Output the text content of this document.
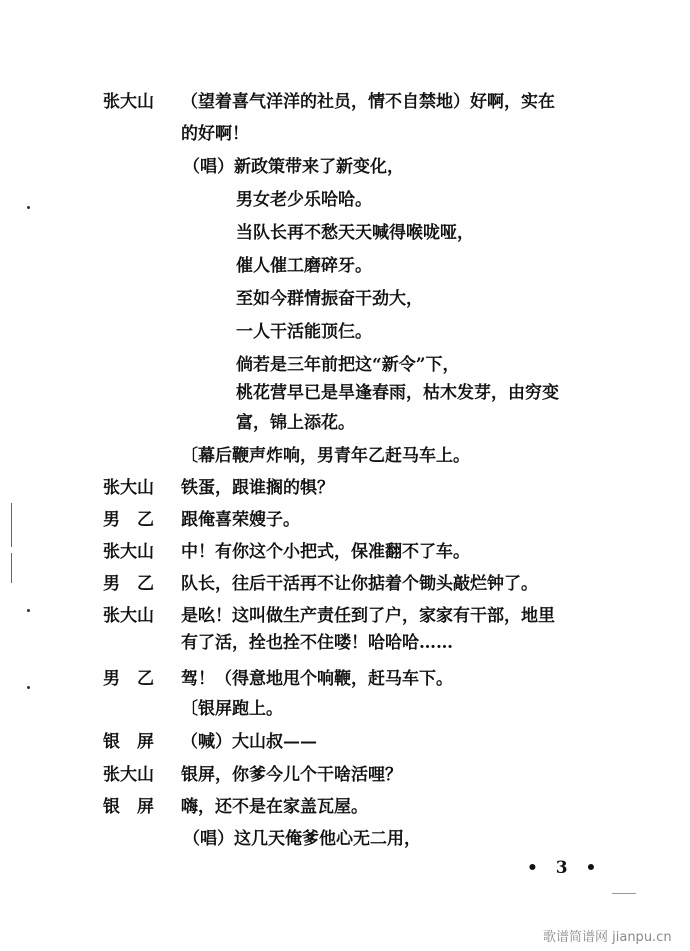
张大山	（望着喜气洋洋的社员，情不自禁地）好啊，实在
的好啊！
（唱）新政策带来了新变化，
男女老少乐哈哈。
当队长再不愁天天喊得喉咙哑，
催人催工磨碎牙。
至如今群情振奋干劲大，
一人干活能顶仨。
倘若是三年前把这“新令”下，
桃花营早已是旱逢春雨，枯木发芽，由穷变
富，锦上添花。
〔幕后鞭声炸响，男青年乙赶马车上。
张大山	铁蛋，跟谁搁的犋？
男　乙	跟俺喜荣嫂子。
张大山	中！有你这个小把式，保准翻不了车。
男　乙	队长，往后干活再不让你掂着个锄头敲烂钟了。
张大山	是吆！这叫做生产责任到了户，家家有干部，地里
有了活，拴也拴不住喽！哈哈哈……
男　乙	驾！（得意地甩个响鞭，赶马车下。
〔银屏跑上。
银　屏	（喊）大山叔——
张大山	银屏，你爹今儿个干啥活哩？
银　屏	嗨，还不是在家盖瓦屋。
（唱）这几天俺爹他心无二用，
• 3 •
歌谱简谱网 jianpu.cn
